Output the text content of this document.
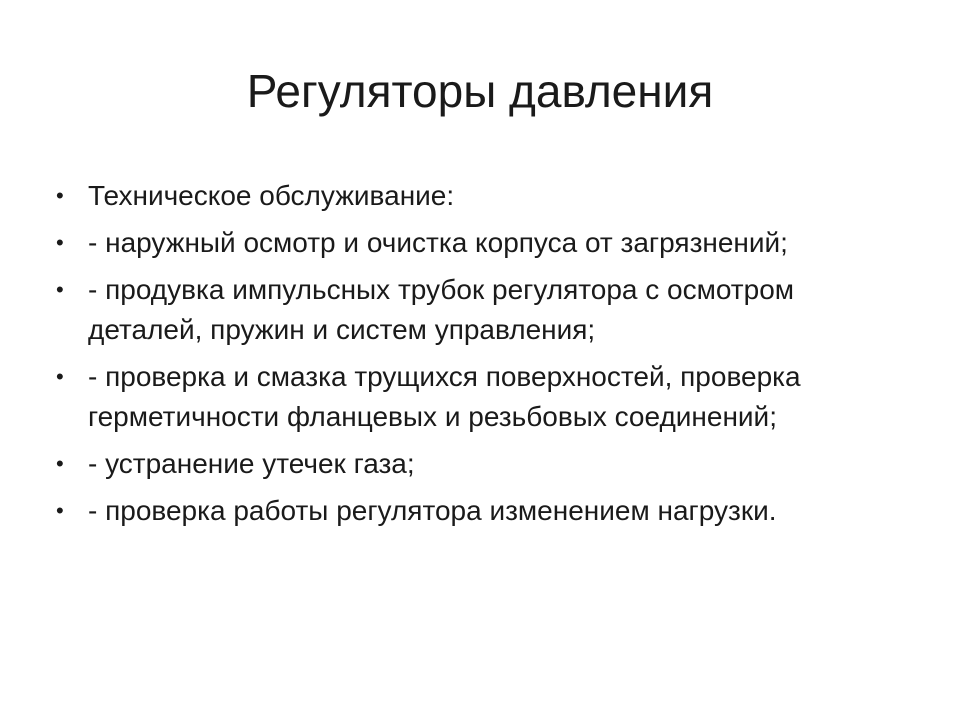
Регуляторы давления
• Техническое обслуживание:
• - наружный осмотр и очистка корпуса от загрязнений;
• - продувка импульсных трубок регулятора с осмотром деталей, пружин и систем управления;
• - проверка и смазка трущихся поверхностей, проверка герметичности фланцевых и резьбовых соединений;
• - устранение утечек газа;
• - проверка работы регулятора изменением нагрузки.
